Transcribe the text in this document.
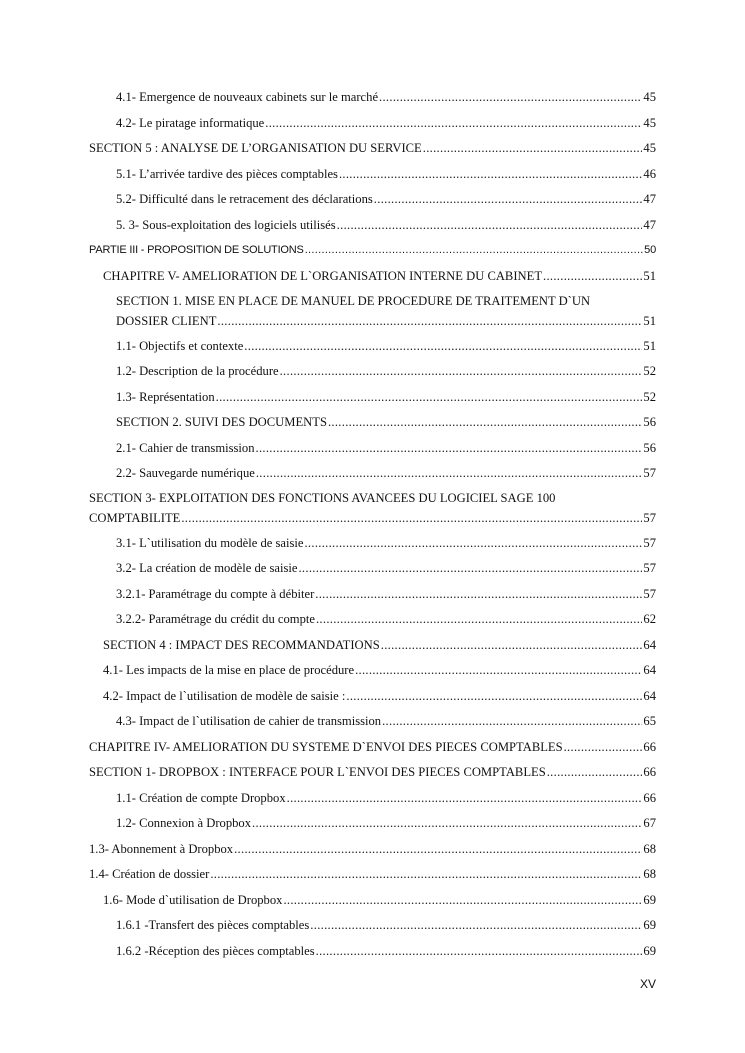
4.1- Emergence de nouveaux cabinets sur le marché .....	45
4.2- Le piratage informatique .....	45
SECTION 5 : ANALYSE DE L’ORGANISATION DU SERVICE .....	45
5.1- L’arrivée tardive des pièces comptables .....	46
5.2- Difficulté dans le retracement des déclarations .....	47
5. 3- Sous-exploitation des logiciels utilisés .....	47
PARTIE III - PROPOSITION DE SOLUTIONS .....	50
CHAPITRE V- AMELIORATION DE L`ORGANISATION INTERNE DU CABINET .....	51
SECTION 1. MISE EN PLACE DE MANUEL DE PROCEDURE DE TRAITEMENT D`UN
DOSSIER CLIENT .....	51
1.1- Objectifs et contexte .....	51
1.2- Description de la procédure .....	52
1.3- Représentation .....	52
SECTION 2. SUIVI DES DOCUMENTS .....	56
2.1- Cahier de transmission .....	56
2.2- Sauvegarde numérique .....	57
SECTION 3- EXPLOITATION DES FONCTIONS AVANCEES DU LOGICIEL SAGE 100
COMPTABILITE .....	57
3.1- L`utilisation du modèle de saisie .....	57
3.2- La création de modèle de saisie .....	57
3.2.1- Paramétrage du compte à débiter .....	57
3.2.2- Paramétrage du crédit du compte .....	62
SECTION 4 : IMPACT DES RECOMMANDATIONS .....	64
4.1- Les impacts de la mise en place de procédure .....	64
4.2- Impact de l`utilisation de modèle de saisie : .....	64
4.3- Impact de l`utilisation de cahier de transmission .....	65
CHAPITRE IV- AMELIORATION DU SYSTEME D`ENVOI DES PIECES COMPTABLES .....	66
SECTION 1- DROPBOX : INTERFACE POUR L`ENVOI DES PIECES COMPTABLES .....	66
1.1- Création de compte Dropbox .....	66
1.2- Connexion à Dropbox .....	67
1.3- Abonnement à Dropbox .....	68
1.4- Création de dossier .....	68
1.6- Mode d`utilisation de Dropbox .....	69
1.6.1 -Transfert des pièces comptables .....	69
1.6.2 -Réception des pièces comptables .....	69
XV
